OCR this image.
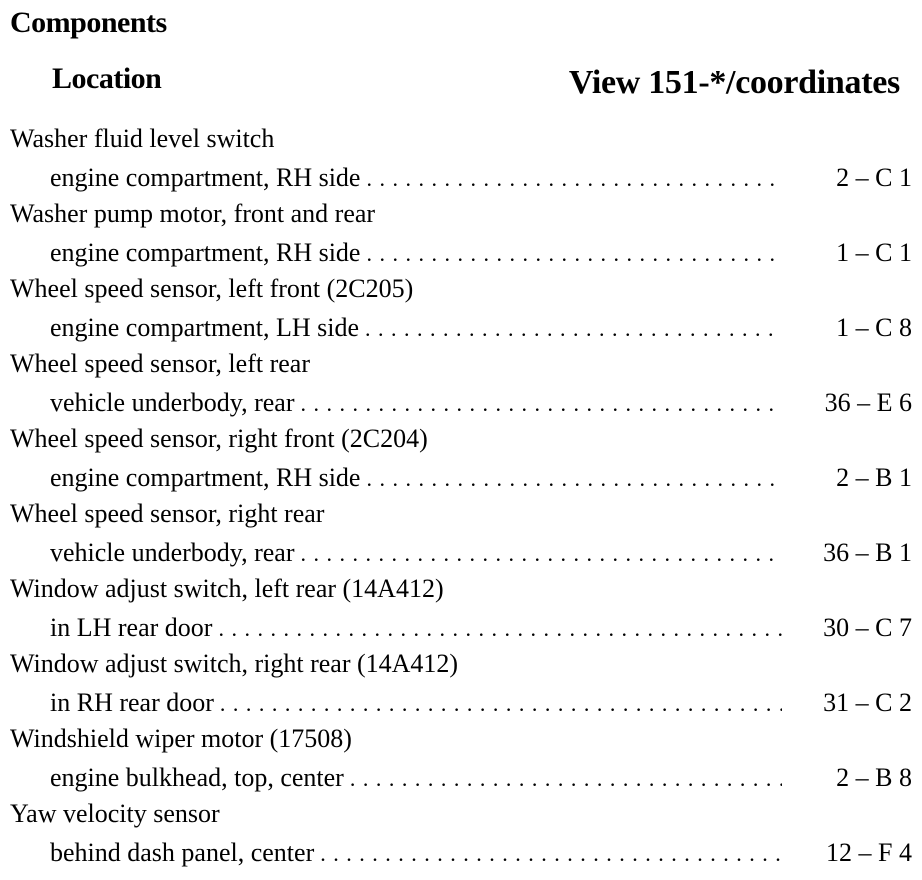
Components
Location	View 151-*/coordinates
Washer fluid level switch
engine compartment, RH side . . .	2 – C 1
Washer pump motor, front and rear
engine compartment, RH side . . .	1 – C 1
Wheel speed sensor, left front (2C205)
engine compartment, LH side . . .	1 – C 8
Wheel speed sensor, left rear
vehicle underbody, rear . . .	36 – E 6
Wheel speed sensor, right front (2C204)
engine compartment, RH side . . .	2 – B 1
Wheel speed sensor, right rear
vehicle underbody, rear . . .	36 – B 1
Window adjust switch, left rear (14A412)
in LH rear door . . .	30 – C 7
Window adjust switch, right rear (14A412)
in RH rear door . . .	31 – C 2
Windshield wiper motor (17508)
engine bulkhead, top, center . . .	2 – B 8
Yaw velocity sensor
behind dash panel, center . . .	12 – F 4
